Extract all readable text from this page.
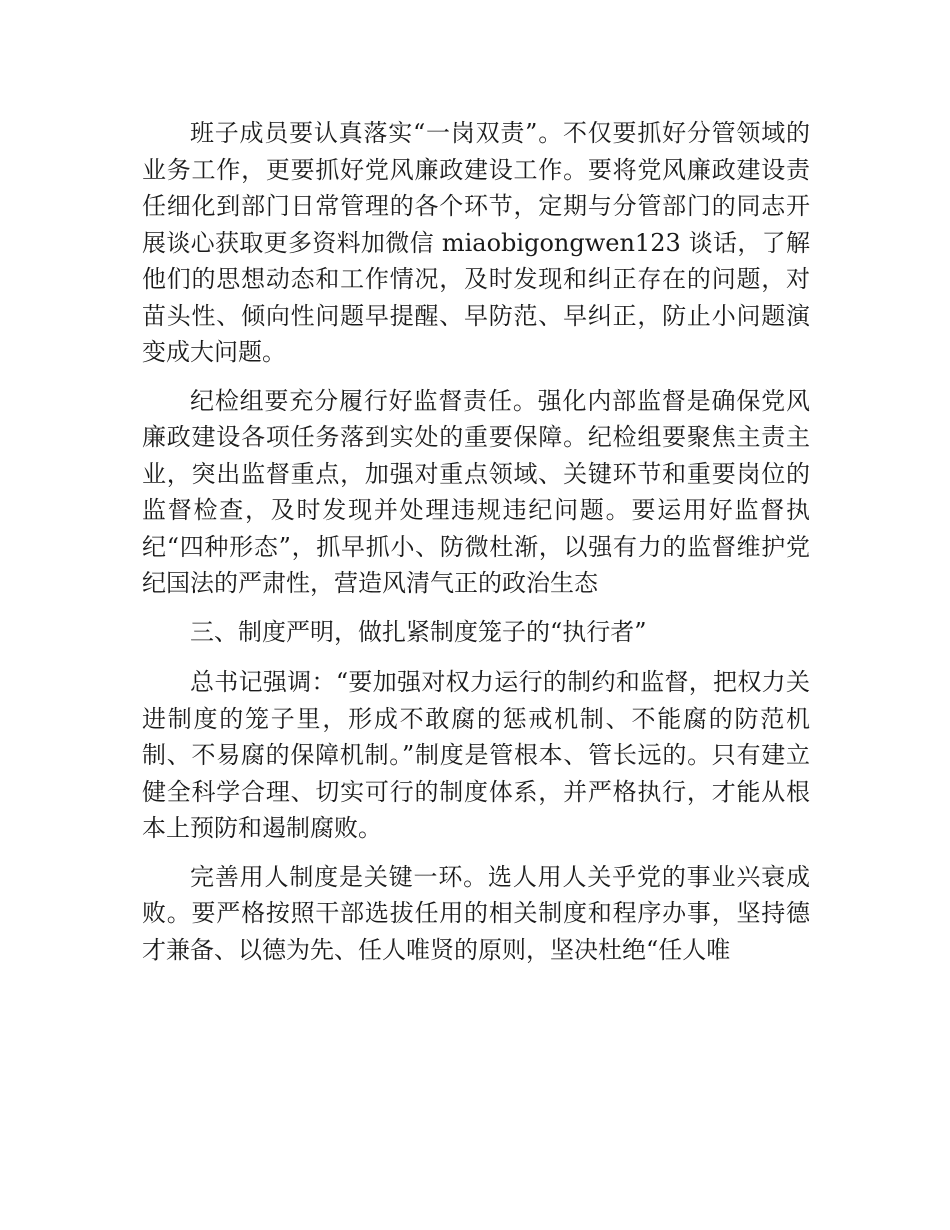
班子成员要认真落实“一岗双责”。不仅要抓好分管领域的业务工作，更要抓好党风廉政建设工作。要将党风廉政建设责任细化到部门日常管理的各个环节，定期与分管部门的同志开展谈心获取更多资料加微信 miaobigongwen123 谈话，了解他们的思想动态和工作情况，及时发现和纠正存在的问题，对苗头性、倾向性问题早提醒、早防范、早纠正，防止小问题演变成大问题。

纪检组要充分履行好监督责任。强化内部监督是确保党风廉政建设各项任务落到实处的重要保障。纪检组要聚焦主责主业，突出监督重点，加强对重点领域、关键环节和重要岗位的监督检查，及时发现并处理违规违纪问题。要运用好监督执纪“四种形态”，抓早抓小、防微杜渐，以强有力的监督维护党纪国法的严肃性，营造风清气正的政治生态

三、制度严明，做扎紧制度笼子的“执行者”

总书记强调：“要加强对权力运行的制约和监督，把权力关进制度的笼子里，形成不敢腐的惩戒机制、不能腐的防范机制、不易腐的保障机制。”制度是管根本、管长远的。只有建立健全科学合理、切实可行的制度体系，并严格执行，才能从根本上预防和遏制腐败。

完善用人制度是关键一环。选人用人关乎党的事业兴衰成败。要严格按照干部选拔任用的相关制度和程序办事，坚持德才兼备、以德为先、任人唯贤的原则，坚决杜绝“任人唯
